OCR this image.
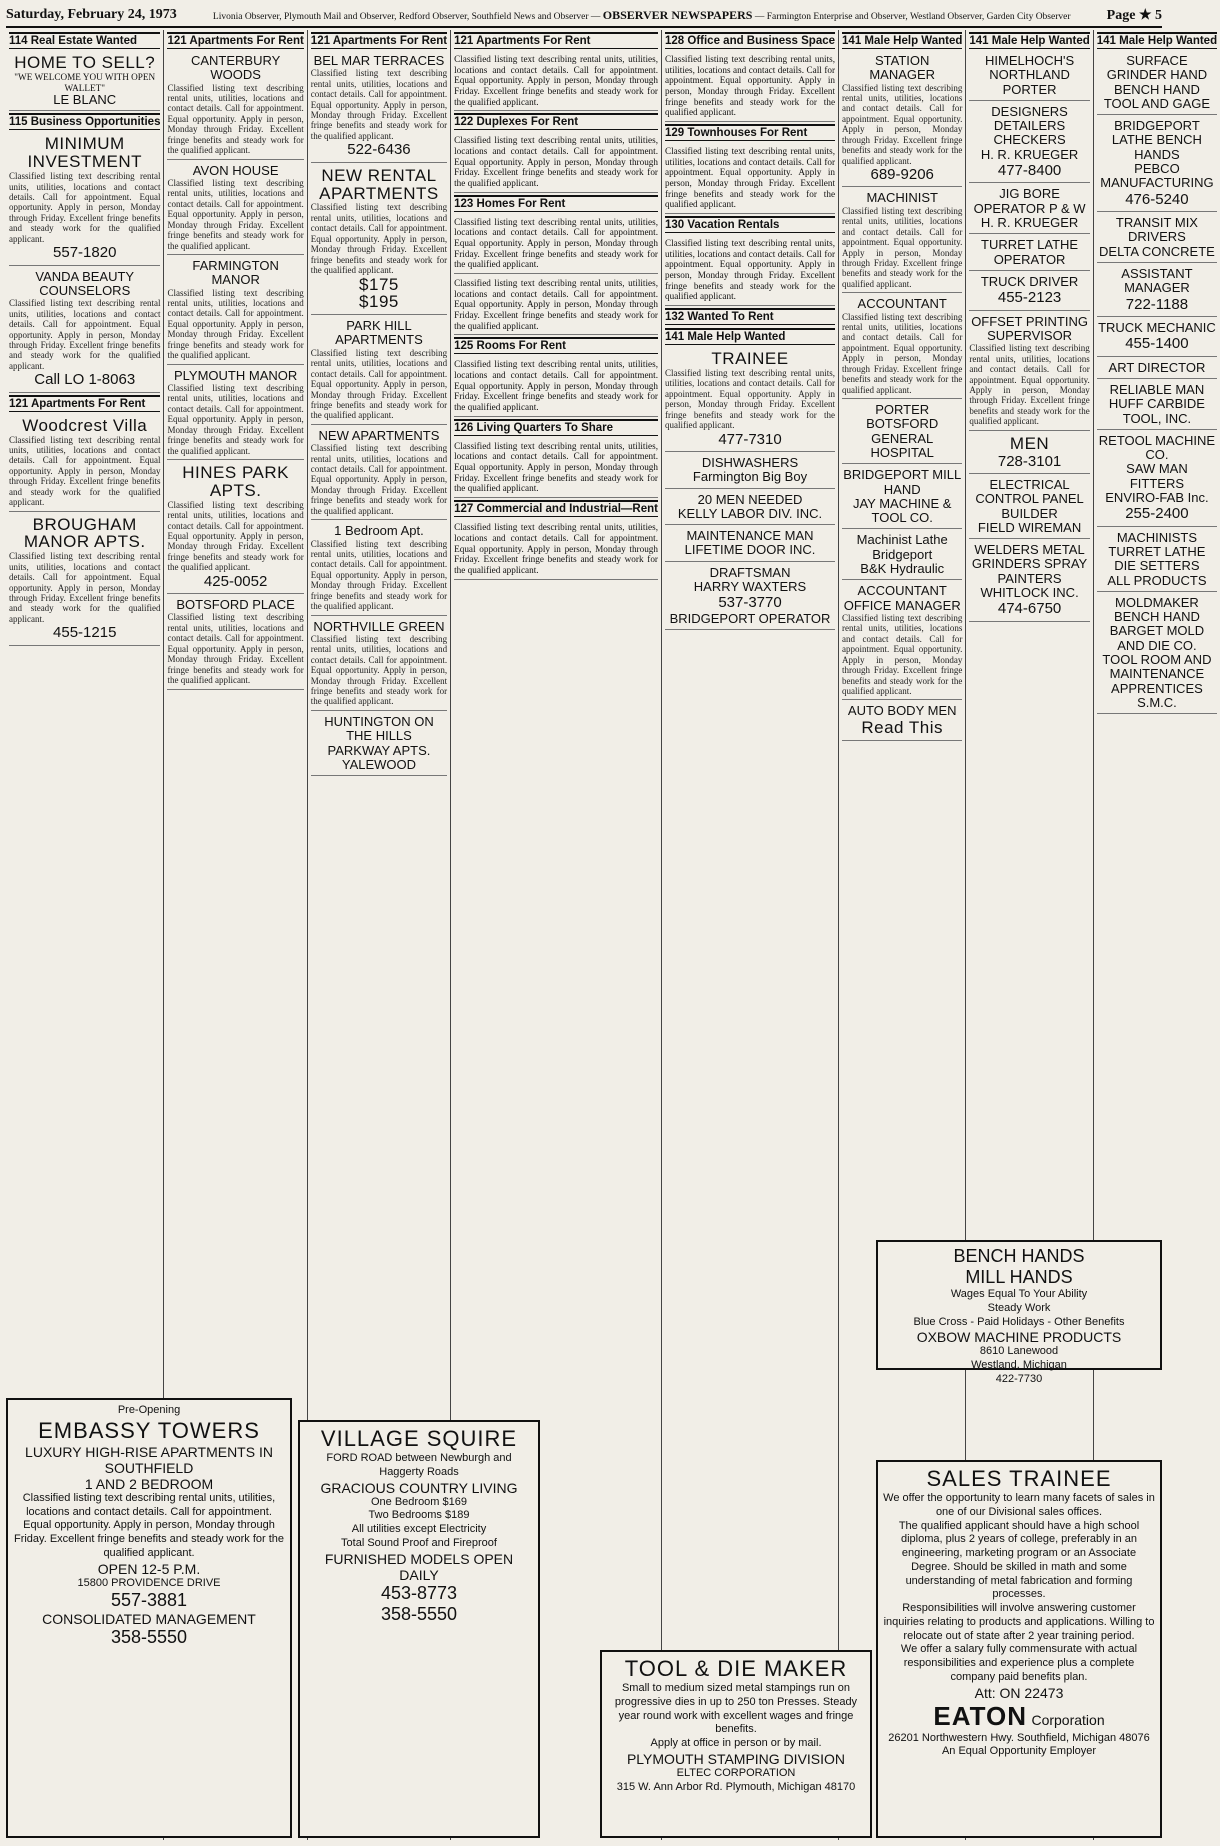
Saturday, February 24, 1973	Livonia Observer, Plymouth Mail and Observer, Redford Observer, Southfield News and Observer — OBSERVER NEWSPAPERS — Farmington Enterprise and Observer, Westland Observer, Garden City Observer	Page ★ 5
114 Real Estate Wanted
HOME TO SELL?
"WE WELCOME YOU WITH OPEN WALLET"
LE BLANC
115 Business Opportunities
MINIMUM INVESTMENT
Classified listing text describing rental units, utilities, locations and contact details. Call for appointment. Equal opportunity. Apply in person, Monday through Friday. Excellent fringe benefits and steady work for the qualified applicant.
557-1820
VANDA BEAUTY COUNSELORS
Classified listing text describing rental units, utilities, locations and contact details. Call for appointment. Equal opportunity. Apply in person, Monday through Friday. Excellent fringe benefits and steady work for the qualified applicant.
Call LO 1-8063
121 Apartments For Rent
Woodcrest Villa
Classified listing text describing rental units, utilities, locations and contact details. Call for appointment. Equal opportunity. Apply in person, Monday through Friday. Excellent fringe benefits and steady work for the qualified applicant.
BROUGHAM MANOR APTS.
Classified listing text describing rental units, utilities, locations and contact details. Call for appointment. Equal opportunity. Apply in person, Monday through Friday. Excellent fringe benefits and steady work for the qualified applicant.
455-1215
121 Apartments For Rent
CANTERBURY WOODS
Classified listing text describing rental units, utilities, locations and contact details. Call for appointment. Equal opportunity. Apply in person, Monday through Friday. Excellent fringe benefits and steady work for the qualified applicant.
AVON HOUSE
Classified listing text describing rental units, utilities, locations and contact details. Call for appointment. Equal opportunity. Apply in person, Monday through Friday. Excellent fringe benefits and steady work for the qualified applicant.
FARMINGTON MANOR
Classified listing text describing rental units, utilities, locations and contact details. Call for appointment. Equal opportunity. Apply in person, Monday through Friday. Excellent fringe benefits and steady work for the qualified applicant.
PLYMOUTH MANOR
Classified listing text describing rental units, utilities, locations and contact details. Call for appointment. Equal opportunity. Apply in person, Monday through Friday. Excellent fringe benefits and steady work for the qualified applicant.
HINES PARK APTS.
Classified listing text describing rental units, utilities, locations and contact details. Call for appointment. Equal opportunity. Apply in person, Monday through Friday. Excellent fringe benefits and steady work for the qualified applicant.
425-0052
BOTSFORD PLACE
Classified listing text describing rental units, utilities, locations and contact details. Call for appointment. Equal opportunity. Apply in person, Monday through Friday. Excellent fringe benefits and steady work for the qualified applicant.
121 Apartments For Rent
BEL MAR TERRACES
Classified listing text describing rental units, utilities, locations and contact details. Call for appointment. Equal opportunity. Apply in person, Monday through Friday. Excellent fringe benefits and steady work for the qualified applicant.
522-6436
NEW RENTAL APARTMENTS
Classified listing text describing rental units, utilities, locations and contact details. Call for appointment. Equal opportunity. Apply in person, Monday through Friday. Excellent fringe benefits and steady work for the qualified applicant.
$175
$195
PARK HILL APARTMENTS
Classified listing text describing rental units, utilities, locations and contact details. Call for appointment. Equal opportunity. Apply in person, Monday through Friday. Excellent fringe benefits and steady work for the qualified applicant.
NEW APARTMENTS
Classified listing text describing rental units, utilities, locations and contact details. Call for appointment. Equal opportunity. Apply in person, Monday through Friday. Excellent fringe benefits and steady work for the qualified applicant.
1 Bedroom Apt.
Classified listing text describing rental units, utilities, locations and contact details. Call for appointment. Equal opportunity. Apply in person, Monday through Friday. Excellent fringe benefits and steady work for the qualified applicant.
NORTHVILLE GREEN
Classified listing text describing rental units, utilities, locations and contact details. Call for appointment. Equal opportunity. Apply in person, Monday through Friday. Excellent fringe benefits and steady work for the qualified applicant.
HUNTINGTON ON THE HILLS
PARKWAY APTS.
YALEWOOD
121 Apartments For Rent
Classified listing text describing rental units, utilities, locations and contact details. Call for appointment. Equal opportunity. Apply in person, Monday through Friday. Excellent fringe benefits and steady work for the qualified applicant.
122 Duplexes For Rent
Classified listing text describing rental units, utilities, locations and contact details. Call for appointment. Equal opportunity. Apply in person, Monday through Friday. Excellent fringe benefits and steady work for the qualified applicant.
123 Homes For Rent
Classified listing text describing rental units, utilities, locations and contact details. Call for appointment. Equal opportunity. Apply in person, Monday through Friday. Excellent fringe benefits and steady work for the qualified applicant.
Classified listing text describing rental units, utilities, locations and contact details. Call for appointment. Equal opportunity. Apply in person, Monday through Friday. Excellent fringe benefits and steady work for the qualified applicant.
125 Rooms For Rent
Classified listing text describing rental units, utilities, locations and contact details. Call for appointment. Equal opportunity. Apply in person, Monday through Friday. Excellent fringe benefits and steady work for the qualified applicant.
126 Living Quarters To Share
Classified listing text describing rental units, utilities, locations and contact details. Call for appointment. Equal opportunity. Apply in person, Monday through Friday. Excellent fringe benefits and steady work for the qualified applicant.
127 Commercial and Industrial—Rent
Classified listing text describing rental units, utilities, locations and contact details. Call for appointment. Equal opportunity. Apply in person, Monday through Friday. Excellent fringe benefits and steady work for the qualified applicant.
128 Office and Business Space
Classified listing text describing rental units, utilities, locations and contact details. Call for appointment. Equal opportunity. Apply in person, Monday through Friday. Excellent fringe benefits and steady work for the qualified applicant.
129 Townhouses For Rent
Classified listing text describing rental units, utilities, locations and contact details. Call for appointment. Equal opportunity. Apply in person, Monday through Friday. Excellent fringe benefits and steady work for the qualified applicant.
130 Vacation Rentals
Classified listing text describing rental units, utilities, locations and contact details. Call for appointment. Equal opportunity. Apply in person, Monday through Friday. Excellent fringe benefits and steady work for the qualified applicant.
132 Wanted To Rent
141 Male Help Wanted
TRAINEE
Classified listing text describing rental units, utilities, locations and contact details. Call for appointment. Equal opportunity. Apply in person, Monday through Friday. Excellent fringe benefits and steady work for the qualified applicant.
477-7310
DISHWASHERS
Farmington Big Boy
20 MEN NEEDED
KELLY LABOR DIV. INC.
MAINTENANCE MAN
LIFETIME DOOR INC.
DRAFTSMAN
HARRY WAXTERS
537-3770
BRIDGEPORT OPERATOR
141 Male Help Wanted
STATION MANAGER
Classified listing text describing rental units, utilities, locations and contact details. Call for appointment. Equal opportunity. Apply in person, Monday through Friday. Excellent fringe benefits and steady work for the qualified applicant.
689-9206
MACHINIST
Classified listing text describing rental units, utilities, locations and contact details. Call for appointment. Equal opportunity. Apply in person, Monday through Friday. Excellent fringe benefits and steady work for the qualified applicant.
ACCOUNTANT
Classified listing text describing rental units, utilities, locations and contact details. Call for appointment. Equal opportunity. Apply in person, Monday through Friday. Excellent fringe benefits and steady work for the qualified applicant.
PORTER
BOTSFORD GENERAL HOSPITAL
BRIDGEPORT MILL HAND
JAY MACHINE & TOOL CO.
Machinist Lathe Bridgeport
B&K Hydraulic
ACCOUNTANT OFFICE MANAGER
Classified listing text describing rental units, utilities, locations and contact details. Call for appointment. Equal opportunity. Apply in person, Monday through Friday. Excellent fringe benefits and steady work for the qualified applicant.
AUTO BODY MEN
Read This
141 Male Help Wanted
HIMELHOCH'S NORTHLAND
PORTER
DESIGNERS DETAILERS CHECKERS
H. R. KRUEGER
477-8400
JIG BORE OPERATOR P & W
H. R. KRUEGER
TURRET LATHE OPERATOR
TRUCK DRIVER
455-2123
OFFSET PRINTING SUPERVISOR
Classified listing text describing rental units, utilities, locations and contact details. Call for appointment. Equal opportunity. Apply in person, Monday through Friday. Excellent fringe benefits and steady work for the qualified applicant.
MEN
728-3101
ELECTRICAL CONTROL PANEL BUILDER
FIELD WIREMAN
WELDERS METAL GRINDERS SPRAY PAINTERS
WHITLOCK INC.
474-6750
141 Male Help Wanted
SURFACE GRINDER HAND BENCH HAND TOOL AND GAGE
BRIDGEPORT LATHE BENCH HANDS
PEBCO MANUFACTURING
476-5240
TRANSIT MIX DRIVERS
DELTA CONCRETE
ASSISTANT MANAGER
722-1188
TRUCK MECHANIC
455-1400
ART DIRECTOR
RELIABLE MAN
HUFF CARBIDE TOOL, INC.
RETOOL MACHINE CO.
SAW MAN
FITTERS
ENVIRO-FAB Inc.
255-2400
MACHINISTS
TURRET LATHE
DIE SETTERS
ALL PRODUCTS
MOLDMAKER BENCH HAND
BARGET MOLD AND DIE CO.
TOOL ROOM AND MAINTENANCE APPRENTICES
S.M.C.
Pre-Opening
EMBASSY TOWERS
LUXURY HIGH-RISE APARTMENTS IN SOUTHFIELD
1 AND 2 BEDROOM
Classified listing text describing rental units, utilities, locations and contact details. Call for appointment. Equal opportunity. Apply in person, Monday through Friday. Excellent fringe benefits and steady work for the qualified applicant.
OPEN 12-5 P.M.
15800 PROVIDENCE DRIVE
557-3881
CONSOLIDATED MANAGEMENT
358-5550
VILLAGE SQUIRE
FORD ROAD between Newburgh and Haggerty Roads
GRACIOUS COUNTRY LIVING
One Bedroom $169
Two Bedrooms $189
All utilities except Electricity
Total Sound Proof and Fireproof
FURNISHED MODELS OPEN DAILY
453-8773
358-5550
BENCH HANDS
MILL HANDS
Wages Equal To Your Ability
Steady Work
Blue Cross - Paid Holidays - Other Benefits
OXBOW MACHINE PRODUCTS
8610 Lanewood
Westland, Michigan
422-7730
TOOL & DIE MAKER
Small to medium sized metal stampings run on progressive dies in up to 250 ton Presses. Steady year round work with excellent wages and fringe benefits.
Apply at office in person or by mail.
PLYMOUTH STAMPING DIVISION
ELTEC CORPORATION
315 W. Ann Arbor Rd. Plymouth, Michigan 48170
SALES TRAINEE
We offer the opportunity to learn many facets of sales in one of our Divisional sales offices.
The qualified applicant should have a high school diploma, plus 2 years of college, preferably in an engineering, marketing program or an Associate Degree. Should be skilled in math and some understanding of metal fabrication and forming processes.
Responsibilities will involve answering customer inquiries relating to products and applications. Willing to relocate out of state after 2 year training period.
We offer a salary fully commensurate with actual responsibilities and experience plus a complete company paid benefits plan.
Att: ON 22473
EATON Corporation
26201 Northwestern Hwy. Southfield, Michigan 48076
An Equal Opportunity Employer
